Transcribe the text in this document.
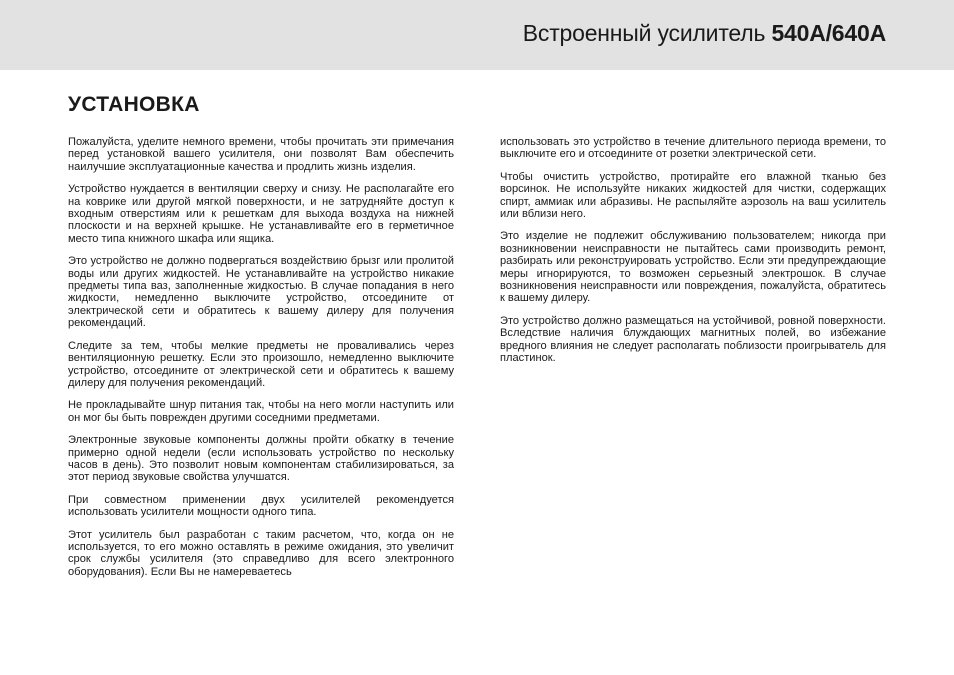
Встроенный усилитель 540A/640A
УСТАНОВКА

Пожалуйста, уделите немного времени, чтобы прочитать эти примечания перед установкой вашего усилителя, они позволят Вам обеспечить наилучшие эксплуатационные качества и продлить жизнь изделия.

Устройство нуждается в вентиляции сверху и снизу. Не располагайте его на коврике или другой мягкой поверхности, и не затрудняйте доступ к входным отверстиям или к решеткам для выхода воздуха на нижней плоскости и на верхней крышке. Не устанавливайте его в герметичное место типа книжного шкафа или ящика.

Это устройство не должно подвергаться воздействию брызг или пролитой воды или других жидкостей. Не устанавливайте на устройство никакие предметы типа ваз, заполненные жидкостью. В случае попадания в него жидкости, немедленно выключите устройство, отсоедините от электрической сети и обратитесь к вашему дилеру для получения рекомендаций.

Следите за тем, чтобы мелкие предметы не проваливались через вентиляционную решетку. Если это произошло, немедленно выключите устройство, отсоедините от электрической сети и обратитесь к вашему дилеру для получения рекомендаций.

Не прокладывайте шнур питания так, чтобы на него могли наступить или он мог бы быть поврежден другими соседними предметами.

Электронные звуковые компоненты должны пройти обкатку в течение примерно одной недели (если использовать устройство по нескольку часов в день). Это позволит новым компонентам стабилизироваться, за этот период звуковые свойства улучшатся.

При совместном применении двух усилителей рекомендуется использовать усилители мощности одного типа.

Этот усилитель был разработан с таким расчетом, что, когда он не используется, то его можно оставлять в режиме ожидания, это увеличит срок службы усилителя (это справедливо для всего электронного оборудования). Если Вы не намереваетесь

использовать это устройство в течение длительного периода времени, то выключите его и отсоедините от розетки электрической сети.

Чтобы очистить устройство, протирайте его влажной тканью без ворсинок. Не используйте никаких жидкостей для чистки, содержащих спирт, аммиак или абразивы. Не распыляйте аэрозоль на ваш усилитель или вблизи него.

Это изделие не подлежит обслуживанию пользователем; никогда при возникновении неисправности не пытайтесь сами производить ремонт, разбирать или реконструировать устройство. Если эти предупреждающие меры игнорируются, то возможен серьезный электрошок. В случае возникновения неисправности или повреждения, пожалуйста, обратитесь к вашему дилеру.

Это устройство должно размещаться на устойчивой, ровной поверхности. Вследствие наличия блуждающих магнитных полей, во избежание вредного влияния не следует располагать поблизости проигрыватель для пластинок.
